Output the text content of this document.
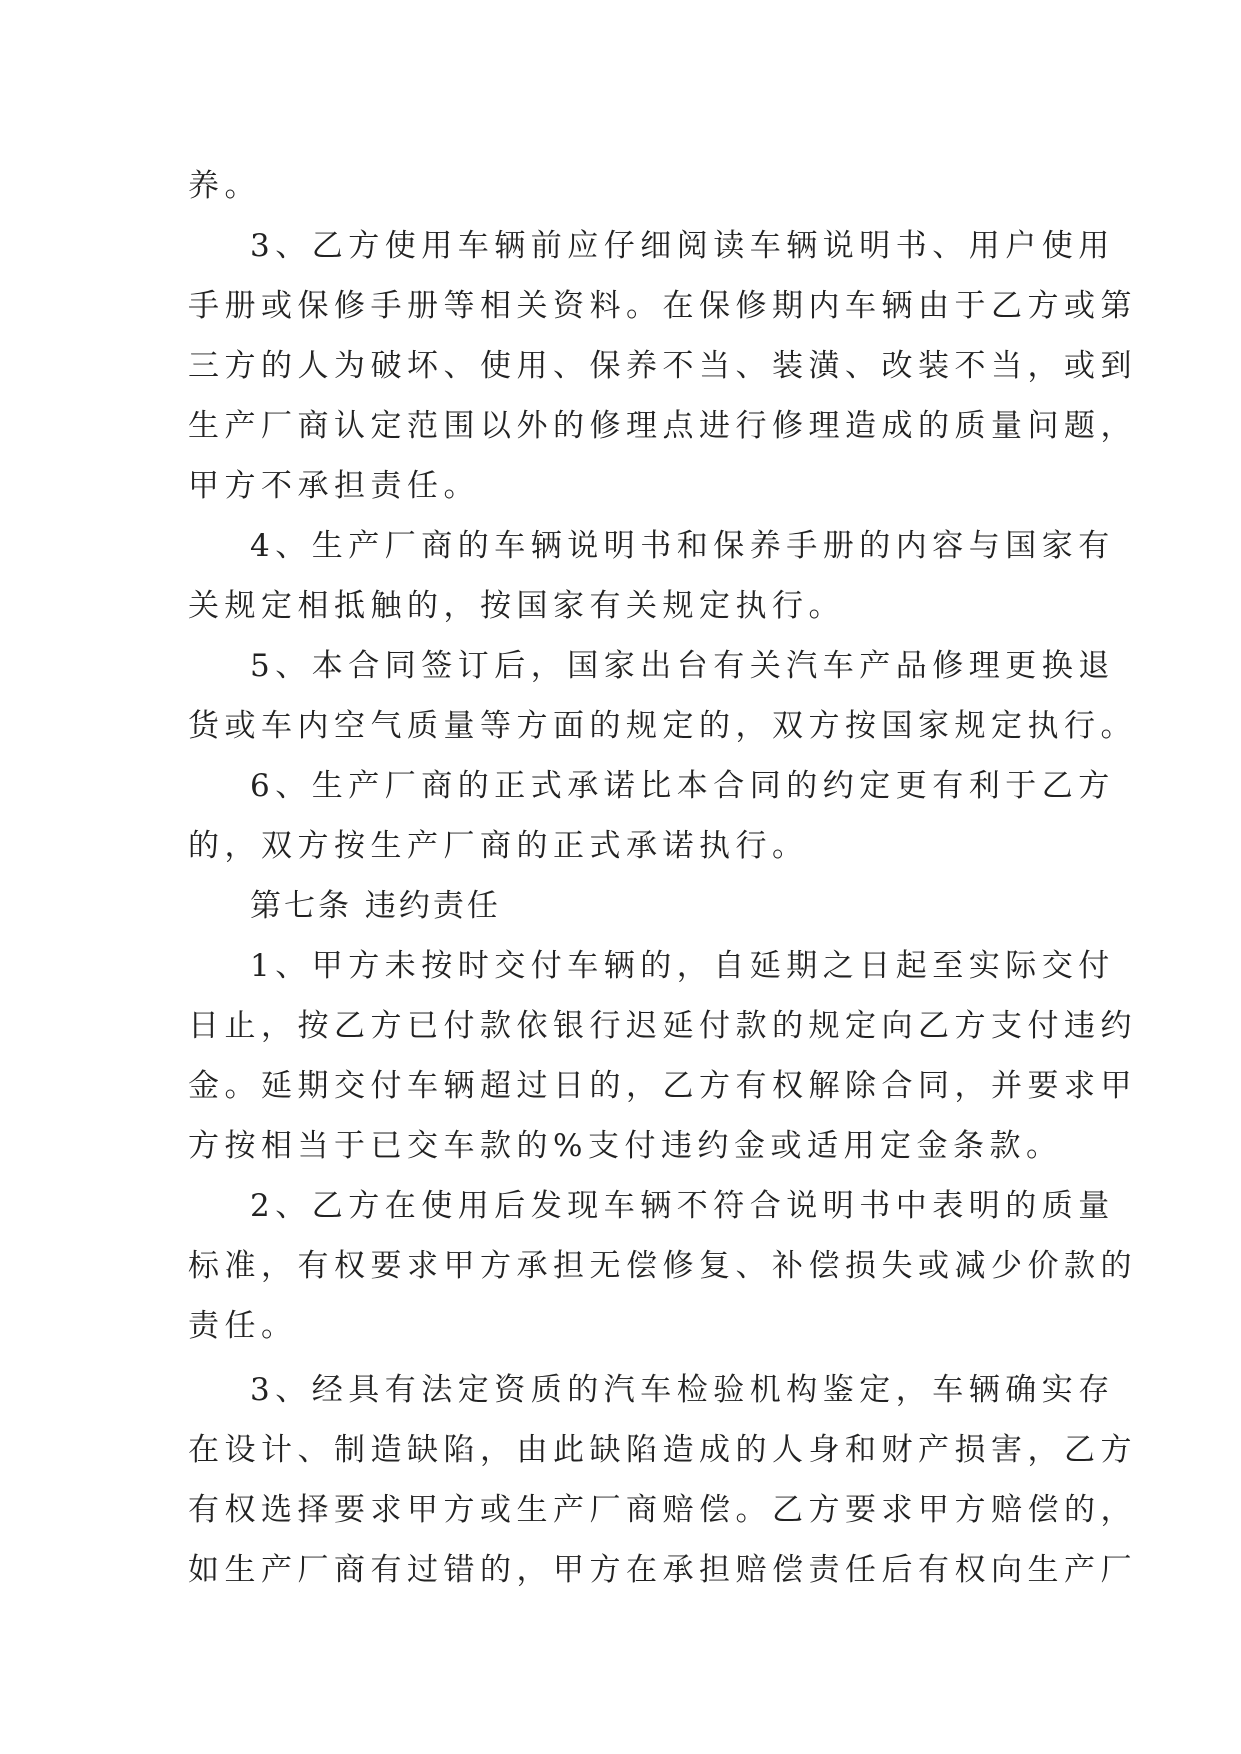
养。
3、乙方使用车辆前应仔细阅读车辆说明书、用户使用
手册或保修手册等相关资料。在保修期内车辆由于乙方或第
三方的人为破坏、使用、保养不当、装潢、改装不当，或到
生产厂商认定范围以外的修理点进行修理造成的质量问题，
甲方不承担责任。
4、生产厂商的车辆说明书和保养手册的内容与国家有
关规定相抵触的，按国家有关规定执行。
5、本合同签订后，国家出台有关汽车产品修理更换退
货或车内空气质量等方面的规定的，双方按国家规定执行。
6、生产厂商的正式承诺比本合同的约定更有利于乙方
的，双方按生产厂商的正式承诺执行。
第七条 违约责任
1、甲方未按时交付车辆的，自延期之日起至实际交付
日止，按乙方已付款依银行迟延付款的规定向乙方支付违约
金。延期交付车辆超过日的，乙方有权解除合同，并要求甲
方按相当于已交车款的%支付违约金或适用定金条款。
2、乙方在使用后发现车辆不符合说明书中表明的质量
标准，有权要求甲方承担无偿修复、补偿损失或减少价款的
责任。
3、经具有法定资质的汽车检验机构鉴定，车辆确实存
在设计、制造缺陷，由此缺陷造成的人身和财产损害，乙方
有权选择要求甲方或生产厂商赔偿。乙方要求甲方赔偿的，
如生产厂商有过错的，甲方在承担赔偿责任后有权向生产厂
